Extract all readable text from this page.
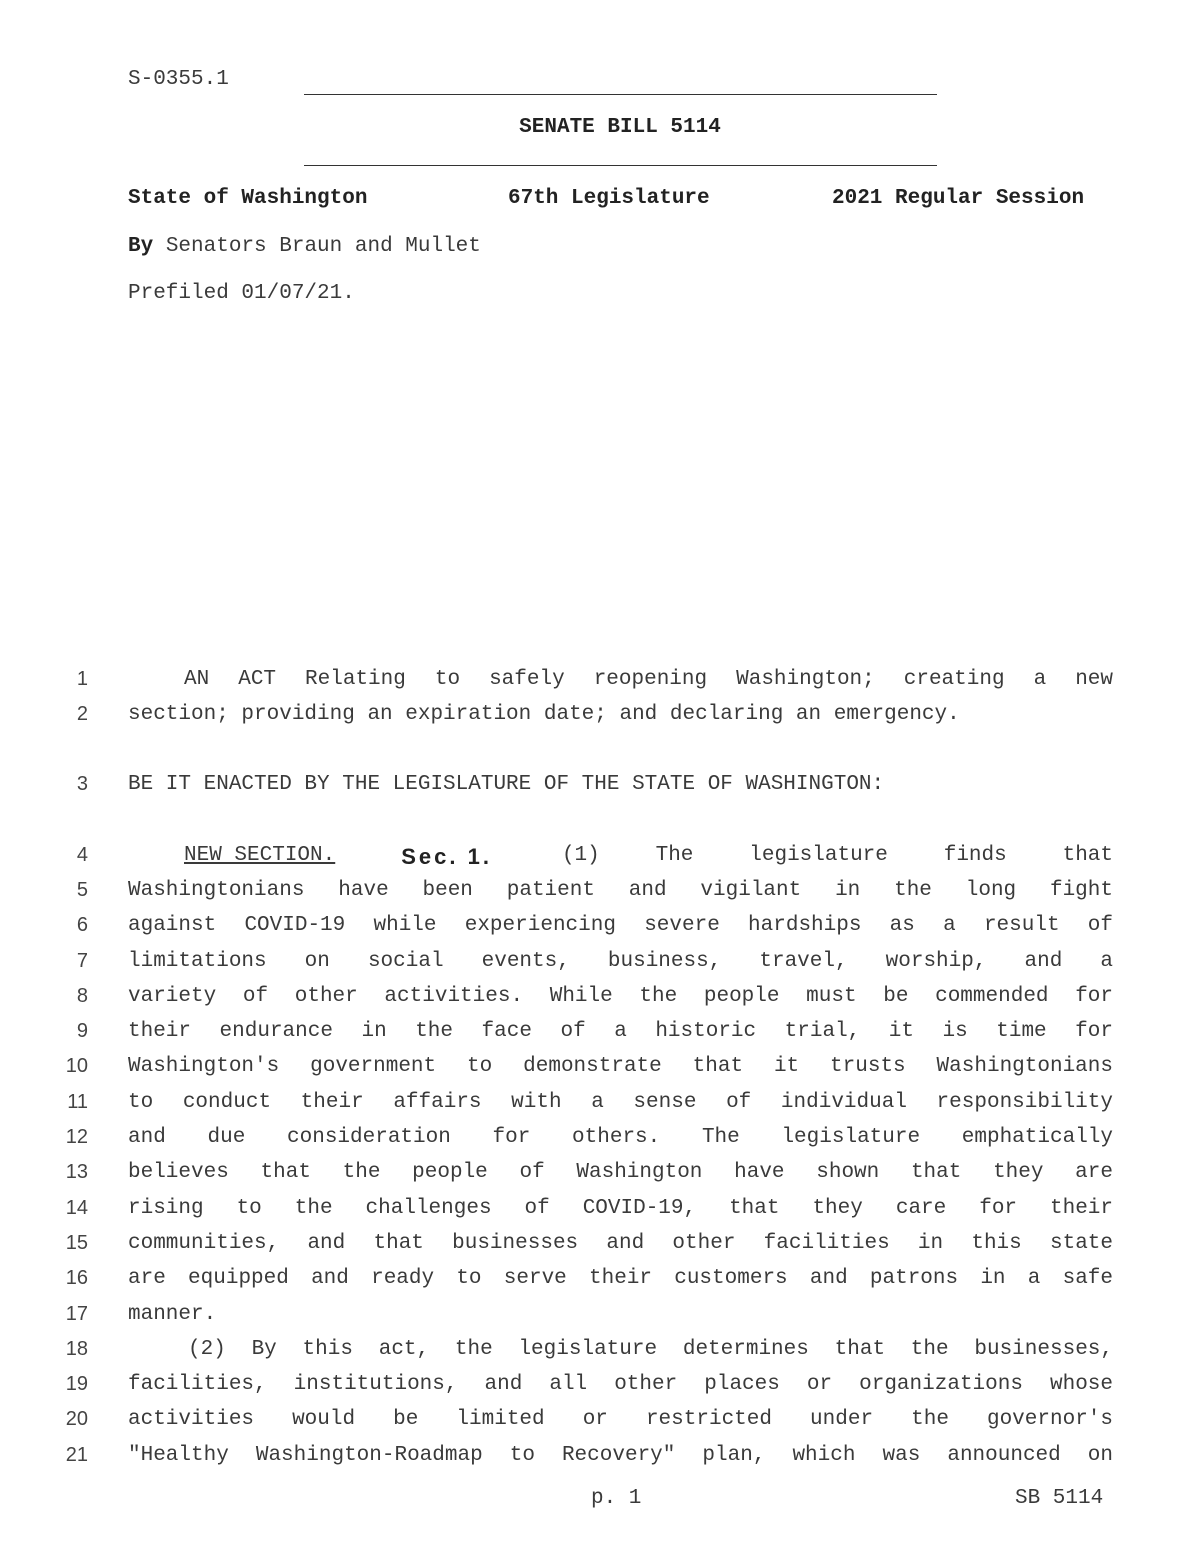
S-0355.1
SENATE BILL 5114
State of Washington	67th Legislature	2021 Regular Session
By Senators Braun and Mullet
Prefiled 01/07/21.
1	AN ACT Relating to safely reopening Washington; creating a new
2 section; providing an expiration date; and declaring an emergency.
3 BE IT ENACTED BY THE LEGISLATURE OF THE STATE OF WASHINGTON:
4	NEW SECTION.	Sec. 1.	(1) The legislature finds that
5 Washingtonians have been patient and vigilant in the long fight
6 against COVID-19 while experiencing severe hardships as a result of
7 limitations on social events, business, travel, worship, and a
8 variety of other activities. While the people must be commended for
9 their endurance in the face of a historic trial, it is time for
10 Washington's government to demonstrate that it trusts Washingtonians
11 to conduct their affairs with a sense of individual responsibility
12 and due consideration for others. The legislature emphatically
13 believes that the people of Washington have shown that they are
14 rising to the challenges of COVID-19, that they care for their
15 communities, and that businesses and other facilities in this state
16 are equipped and ready to serve their customers and patrons in a safe
17 manner.
18	(2) By this act, the legislature determines that the businesses,
19 facilities, institutions, and all other places or organizations whose
20 activities would be limited or restricted under the governor's
21 "Healthy Washington-Roadmap to Recovery" plan, which was announced on
p. 1	SB 5114
